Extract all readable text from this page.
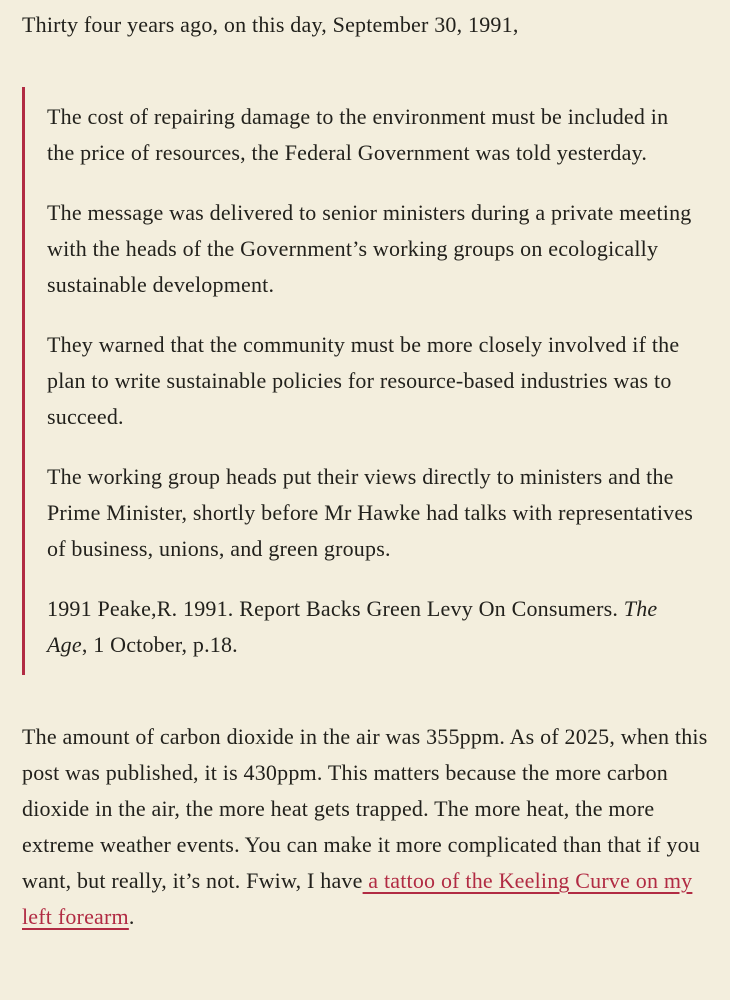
Thirty four years ago, on this day, September 30, 1991,

The cost of repairing damage to the environment must be included in the price of resources, the Federal Government was told yesterday.

The message was delivered to senior ministers during a private meeting with the heads of the Government’s working groups on ecologically sustainable development.

They warned that the community must be more closely involved if the plan to write sustainable policies for resource-based industries was to succeed.

The working group heads put their views directly to ministers and the Prime Minister, shortly before Mr Hawke had talks with representatives of business, unions, and green groups.

1991 Peake,R. 1991. Report Backs Green Levy On Consumers. The Age, 1 October, p.18.

The amount of carbon dioxide in the air was 355ppm. As of 2025, when this post was published, it is 430ppm. This matters because the more carbon dioxide in the air, the more heat gets trapped. The more heat, the more extreme weather events. You can make it more complicated than that if you want, but really, it’s not. Fwiw, I have a tattoo of the Keeling Curve on my left forearm.
